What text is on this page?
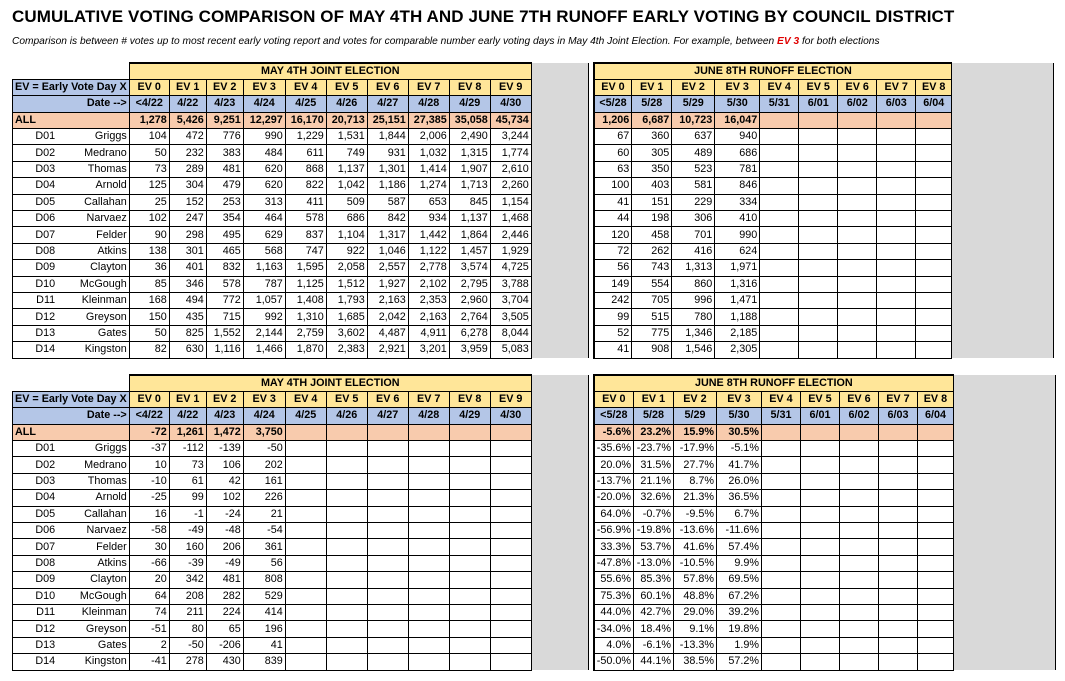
CUMULATIVE VOTING COMPARISON OF MAY 4TH AND JUNE 7TH RUNOFF EARLY VOTING BY COUNCIL DISTRICT
Comparison is between # votes up to most recent early voting report and votes for comparable number early voting days in May 4th Joint Election. For example, between EV 3 for both elections
		MAY 4TH JOINT ELECTION												JUNE 8TH RUNOFF ELECTION									
EV = Early Vote Day X		EV 0	EV 1	EV 2	EV 3	EV 4	EV 5	EV 6	EV 7	EV 8	EV 9			EV 0	EV 1	EV 2	EV 3	EV 4	EV 5	EV 6	EV 7	EV 8	
Date -->		<4/22	4/22	4/23	4/24	4/25	4/26	4/27	4/28	4/29	4/30			<5/28	5/28	5/29	5/30	5/31	6/01	6/02	6/03	6/04	
ALL		1,278	5,426	9,251	12,297	16,170	20,713	25,151	27,385	35,058	45,734			1,206	6,687	10,723	16,047						
D01	Griggs	104	472	776	990	1,229	1,531	1,844	2,006	2,490	3,244			67	360	637	940						
D02	Medrano	50	232	383	484	611	749	931	1,032	1,315	1,774			60	305	489	686						
D03	Thomas	73	289	481	620	868	1,137	1,301	1,414	1,907	2,610			63	350	523	781						
D04	Arnold	125	304	479	620	822	1,042	1,186	1,274	1,713	2,260			100	403	581	846						
D05	Callahan	25	152	253	313	411	509	587	653	845	1,154			41	151	229	334						
D06	Narvaez	102	247	354	464	578	686	842	934	1,137	1,468			44	198	306	410						
D07	Felder	90	298	495	629	837	1,104	1,317	1,442	1,864	2,446			120	458	701	990						
D08	Atkins	138	301	465	568	747	922	1,046	1,122	1,457	1,929			72	262	416	624						
D09	Clayton	36	401	832	1,163	1,595	2,058	2,557	2,778	3,574	4,725			56	743	1,313	1,971						
D10	McGough	85	346	578	787	1,125	1,512	1,927	2,102	2,795	3,788			149	554	860	1,316						
D11	Kleinman	168	494	772	1,057	1,408	1,793	2,163	2,353	2,960	3,704			242	705	996	1,471						
D12	Greyson	150	435	715	992	1,310	1,685	2,042	2,163	2,764	3,505			99	515	780	1,188						
D13	Gates	50	825	1,552	2,144	2,759	3,602	4,487	4,911	6,278	8,044			52	775	1,346	2,185						
D14	Kingston	82	630	1,116	1,466	1,870	2,383	2,921	3,201	3,959	5,083			41	908	1,546	2,305						
		MAY 4TH JOINT ELECTION												JUNE 8TH RUNOFF ELECTION									
EV = Early Vote Day X		EV 0	EV 1	EV 2	EV 3	EV 4	EV 5	EV 6	EV 7	EV 8	EV 9			EV 0	EV 1	EV 2	EV 3	EV 4	EV 5	EV 6	EV 7	EV 8	
Date -->		<4/22	4/22	4/23	4/24	4/25	4/26	4/27	4/28	4/29	4/30			<5/28	5/28	5/29	5/30	5/31	6/01	6/02	6/03	6/04	
ALL		-72	1,261	1,472	3,750									-5.6%	23.2%	15.9%	30.5%						
D01	Griggs	-37	-112	-139	-50									-35.6%	-23.7%	-17.9%	-5.1%						
D02	Medrano	10	73	106	202									20.0%	31.5%	27.7%	41.7%						
D03	Thomas	-10	61	42	161									-13.7%	21.1%	8.7%	26.0%						
D04	Arnold	-25	99	102	226									-20.0%	32.6%	21.3%	36.5%						
D05	Callahan	16	-1	-24	21									64.0%	-0.7%	-9.5%	6.7%						
D06	Narvaez	-58	-49	-48	-54									-56.9%	-19.8%	-13.6%	-11.6%						
D07	Felder	30	160	206	361									33.3%	53.7%	41.6%	57.4%						
D08	Atkins	-66	-39	-49	56									-47.8%	-13.0%	-10.5%	9.9%						
D09	Clayton	20	342	481	808									55.6%	85.3%	57.8%	69.5%						
D10	McGough	64	208	282	529									75.3%	60.1%	48.8%	67.2%						
D11	Kleinman	74	211	224	414									44.0%	42.7%	29.0%	39.2%						
D12	Greyson	-51	80	65	196									-34.0%	18.4%	9.1%	19.8%						
D13	Gates	2	-50	-206	41									4.0%	-6.1%	-13.3%	1.9%						
D14	Kingston	-41	278	430	839									-50.0%	44.1%	38.5%	57.2%						
